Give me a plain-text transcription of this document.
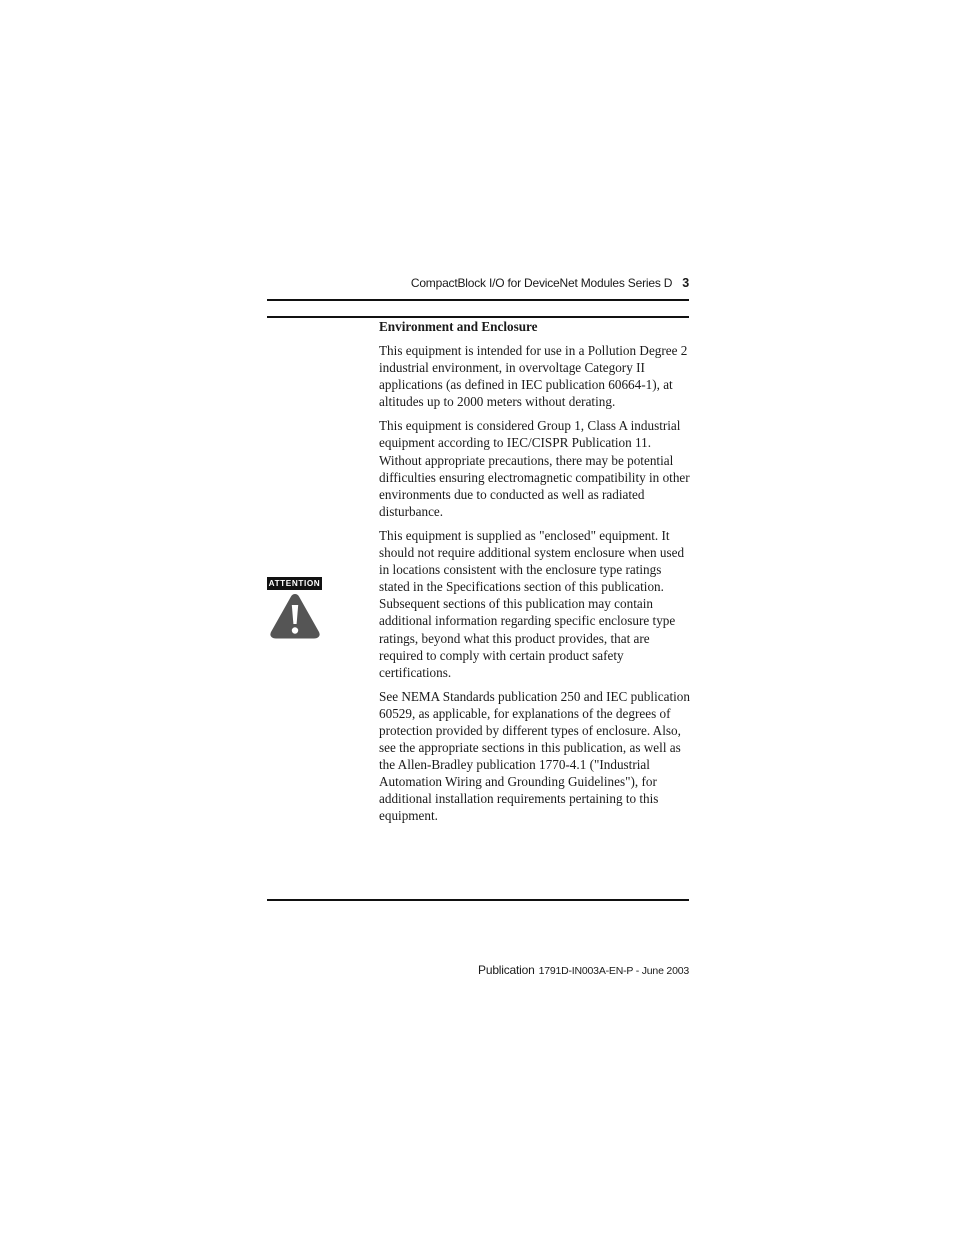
CompactBlock I/O for DeviceNet Modules Series D 3
ATTENTION

Environment and Enclosure

This equipment is intended for use in a Pollution Degree 2 industrial environment, in overvoltage Category II applications (as defined in IEC publication 60664-1), at altitudes up to 2000 meters without derating.

This equipment is considered Group 1, Class A industrial equipment according to IEC/CISPR Publication 11. Without appropriate precautions, there may be potential difficulties ensuring electromagnetic compatibility in other environments due to conducted as well as radiated disturbance.

This equipment is supplied as "enclosed" equipment. It should not require additional system enclosure when used in locations consistent with the enclosure type ratings stated in the Specifications section of this publication. Subsequent sections of this publication may contain additional information regarding specific enclosure type ratings, beyond what this product provides, that are required to comply with certain product safety certifications.

See NEMA Standards publication 250 and IEC publication 60529, as applicable, for explanations of the degrees of protection provided by different types of enclosure. Also, see the appropriate sections in this publication, as well as the Allen-Bradley publication 1770-4.1 ("Industrial Automation Wiring and Grounding Guidelines"), for additional installation requirements pertaining to this equipment.

Publication 1791D-IN003A-EN-P - June 2003
